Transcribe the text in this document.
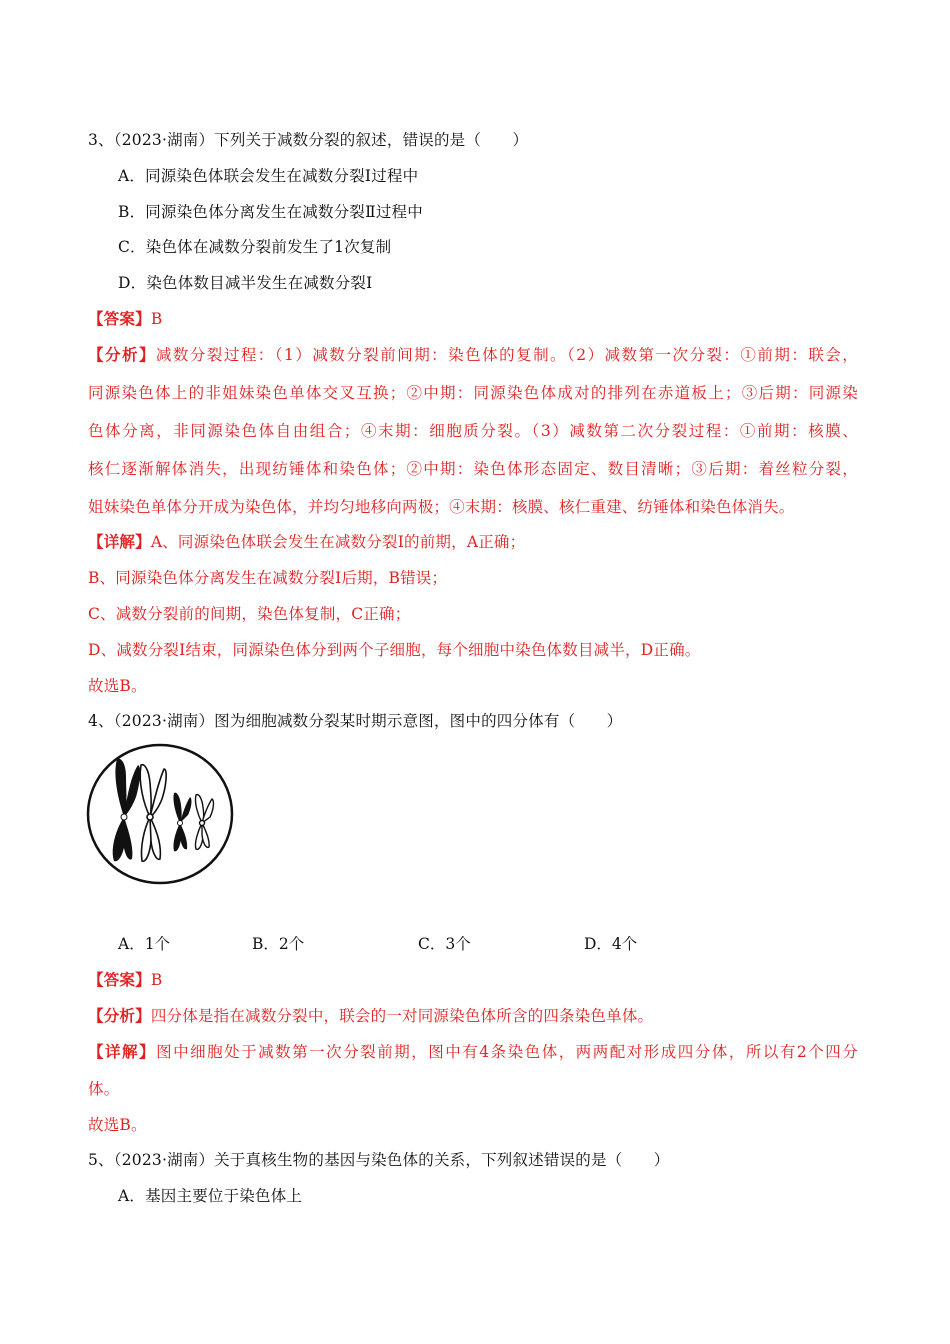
3、（2023·湖南）下列关于减数分裂的叙述，错误的是（　　）
A．同源染色体联会发生在减数分裂Ⅰ过程中
B．同源染色体分离发生在减数分裂Ⅱ过程中
C．染色体在减数分裂前发生了1次复制
D．染色体数目减半发生在减数分裂Ⅰ
【答案】B
【分析】减数分裂过程：（1）减数分裂前间期：染色体的复制。（2）减数第一次分裂：①前期：联会，
同源染色体上的非姐妹染色单体交叉互换；②中期：同源染色体成对的排列在赤道板上；③后期：同源染
色体分离，非同源染色体自由组合；④末期：细胞质分裂。（3）减数第二次分裂过程：①前期：核膜、
核仁逐渐解体消失，出现纺锤体和染色体；②中期：染色体形态固定、数目清晰；③后期：着丝粒分裂，
姐妹染色单体分开成为染色体，并均匀地移向两极；④末期：核膜、核仁重建、纺锤体和染色体消失。
【详解】A、同源染色体联会发生在减数分裂Ⅰ的前期，A正确；
B、同源染色体分离发生在减数分裂Ⅰ后期，B错误；
C、减数分裂前的间期，染色体复制，C正确；
D、减数分裂Ⅰ结束，同源染色体分到两个子细胞，每个细胞中染色体数目减半，D正确。
故选B。
4、（2023·湖南）图为细胞减数分裂某时期示意图，图中的四分体有（　　）
A．1个	B．2个	C．3个	D．4个
【答案】B
【分析】四分体是指在减数分裂中，联会的一对同源染色体所含的四条染色单体。
【详解】图中细胞处于减数第一次分裂前期，图中有4条染色体，两两配对形成四分体，所以有2个四分
体。
故选B。
5、（2023·湖南）关于真核生物的基因与染色体的关系，下列叙述错误的是（　　）
A．基因主要位于染色体上
